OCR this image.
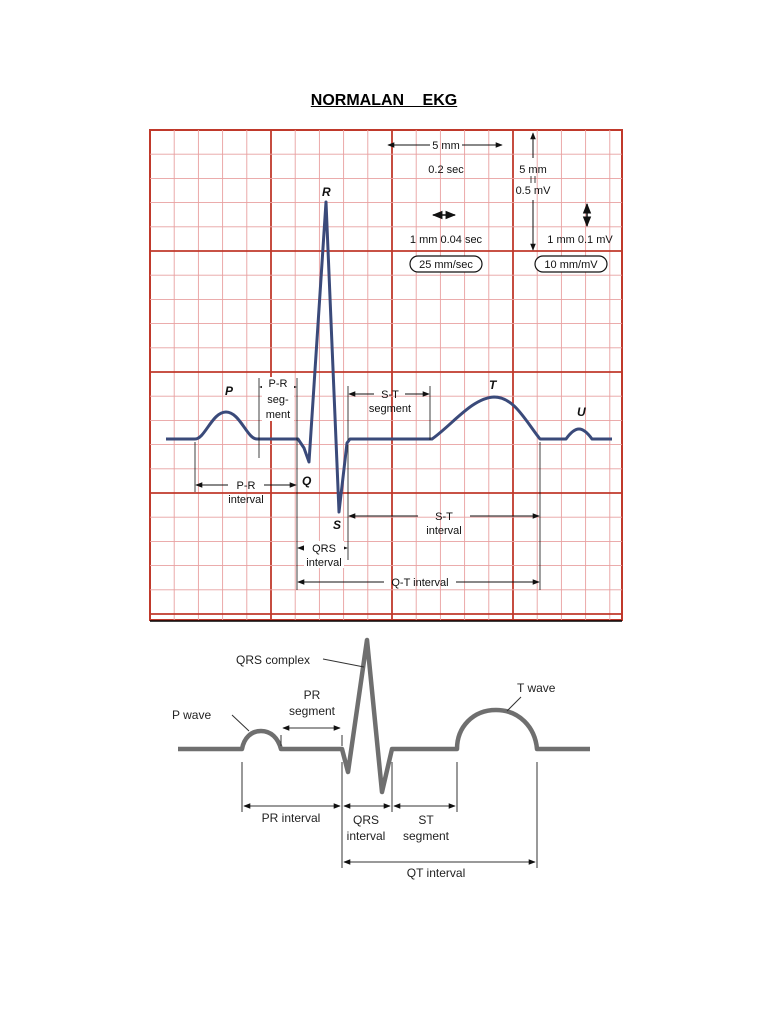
NORMALAN EKG
5 mm
0.2 sec	5 mm
0.5 mV
1 mm 0.04 sec	1 mm 0.1 mV
25 mm/sec	10 mm/mV
R
P	T
U
Q
S
P-R
seg-
ment
S-T
segment
P-R
interval
S-T
interval
QRS
interval
Q-T interval
QRS complex
P wave
PR
segment
T wave
PR interval	QRS
interval
ST
segment
QT interval
